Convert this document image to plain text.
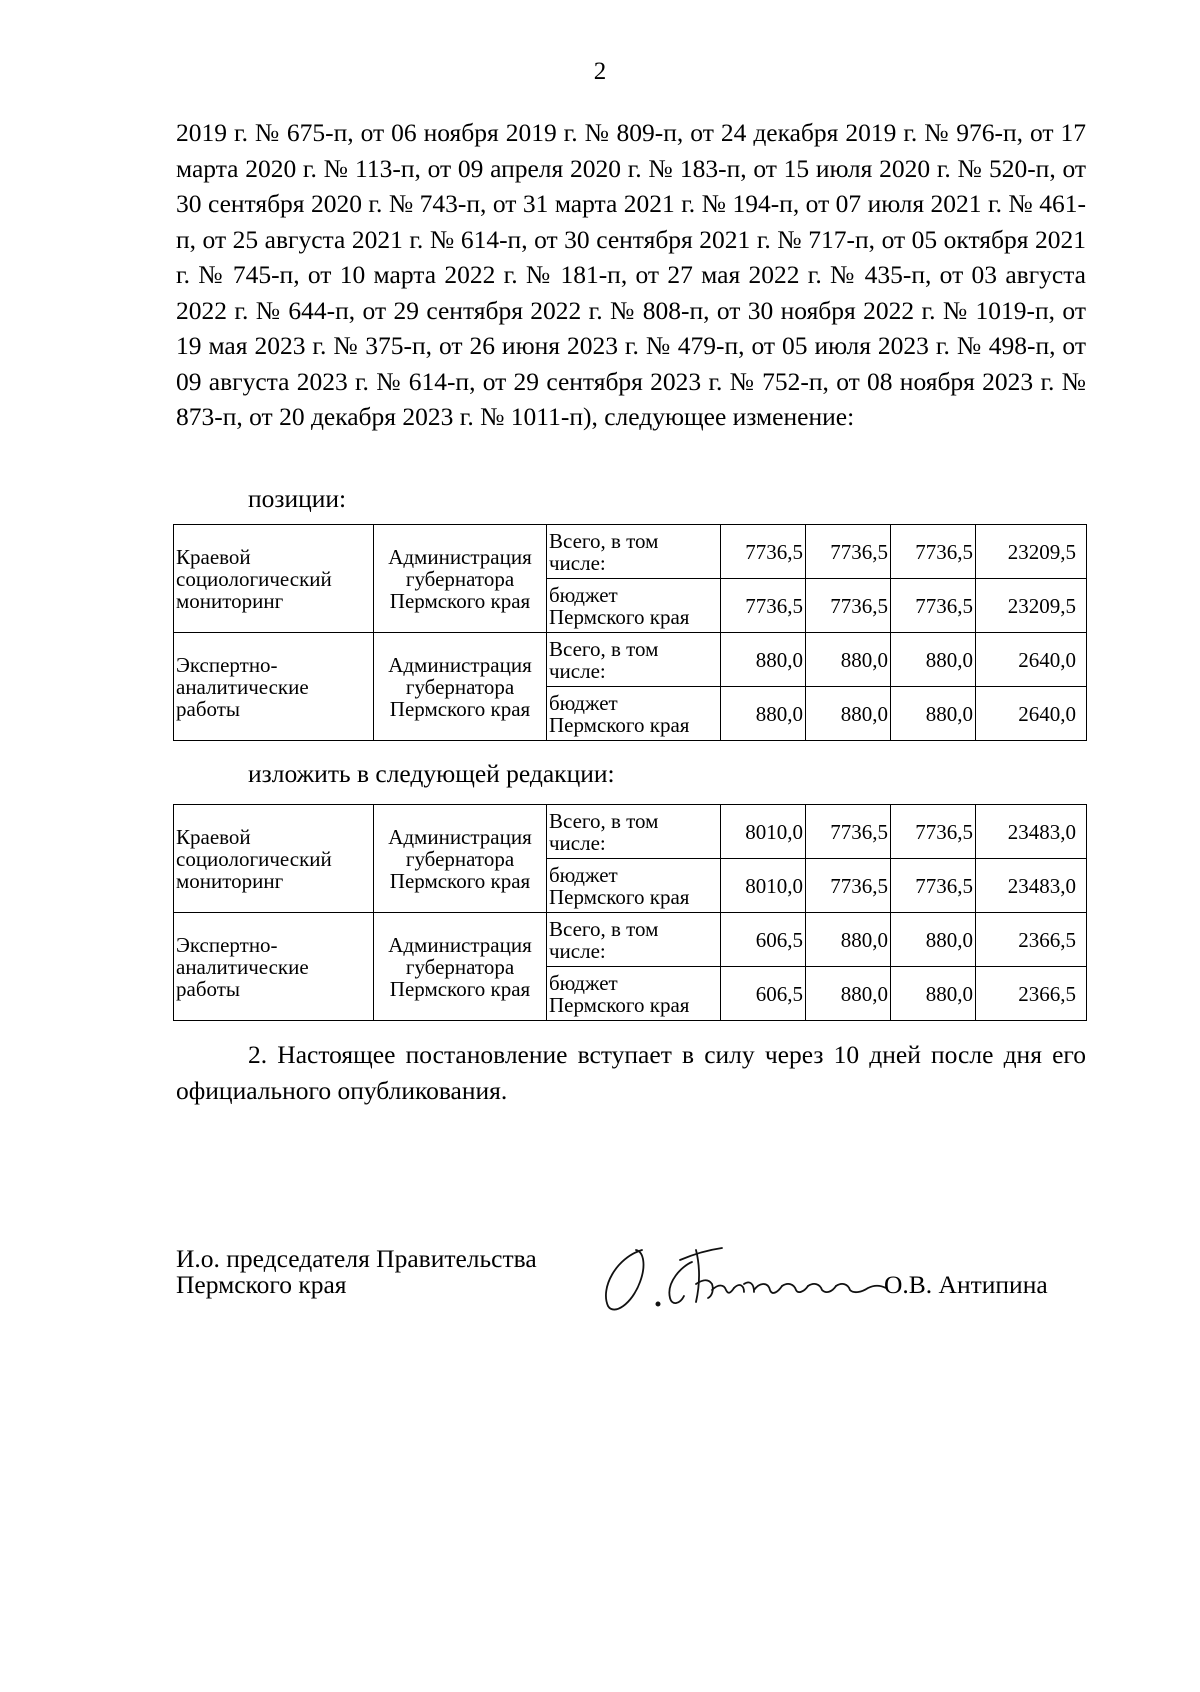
2

2019 г. № 675-п, от 06 ноября 2019 г. № 809-п, от 24 декабря 2019 г. № 976-п, от 17 марта 2020 г. № 113-п, от 09 апреля 2020 г. № 183-п, от 15 июля 2020 г. № 520-п, от 30 сентября 2020 г. № 743-п, от 31 марта 2021 г. № 194-п, от 07 июля 2021 г. № 461-п, от 25 августа 2021 г. № 614-п, от 30 сентября 2021 г. № 717-п, от 05 октября 2021 г. № 745-п, от 10 марта 2022 г. № 181-п, от 27 мая 2022 г. № 435-п, от 03 августа 2022 г. № 644-п, от 29 сентября 2022 г. № 808-п, от 30 ноября 2022 г. № 1019-п, от 19 мая 2023 г. № 375-п, от 26 июня 2023 г. № 479-п, от 05 июля 2023 г. № 498-п, от 09 августа 2023 г. № 614-п, от 29 сентября 2023 г. № 752-п, от 08 ноября 2023 г. № 873-п, от 20 декабря 2023 г. № 1011-п), следующее изменение:

позиции:
Краевой социологический мониторинг	Администрация губернатора Пермского края	Всего, в том числе:	7736,5	7736,5	7736,5	23209,5
		бюджет Пермского края	7736,5	7736,5	7736,5	23209,5
Экспертно-аналитические работы	Администрация губернатора Пермского края	Всего, в том числе:	880,0	880,0	880,0	2640,0
		бюджет Пермского края	880,0	880,0	880,0	2640,0
изложить в следующей редакции:
Краевой социологический мониторинг	Администрация губернатора Пермского края	Всего, в том числе:	8010,0	7736,5	7736,5	23483,0
		бюджет Пермского края	8010,0	7736,5	7736,5	23483,0
Экспертно-аналитические работы	Администрация губернатора Пермского края	Всего, в том числе:	606,5	880,0	880,0	2366,5
		бюджет Пермского края	606,5	880,0	880,0	2366,5

2. Настоящее постановление вступает в силу через 10 дней после дня его официального опубликования.

И.о. председателя Правительства
Пермского края	О.В. Антипина
